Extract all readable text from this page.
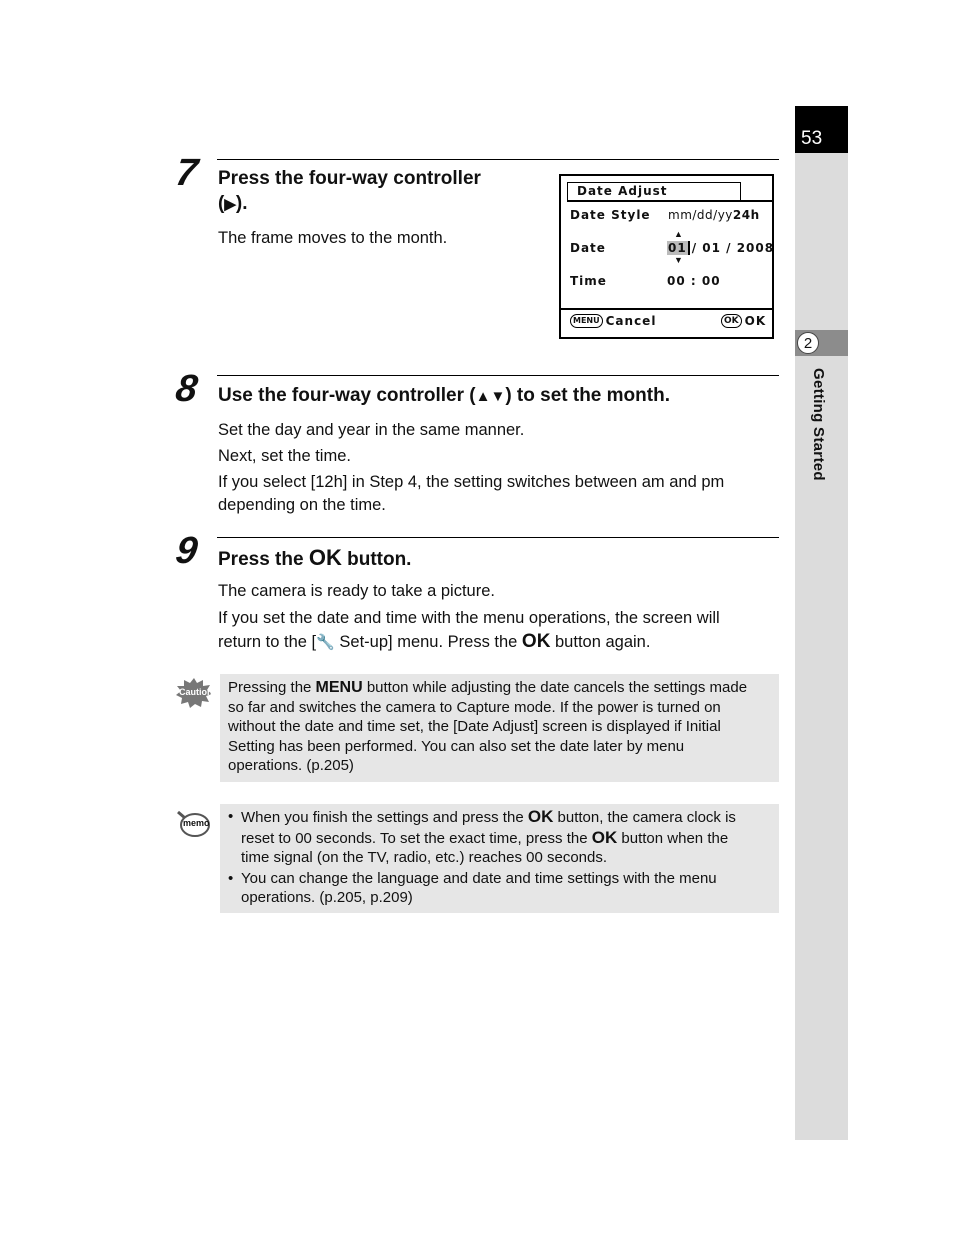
53
2
Getting Started
7 Press the four-way controller
(▶).
The frame moves to the month.
Date Adjust
Date Style mm/dd/yy24h
Date
▲
▼
01 / 01 / 2008
Time	00 : 00
MENU Cancel	OK OK
8 Use the four-way controller (▲▼) to set the month.
Set the day and year in the same manner.
Next, set the time.
If you select [12h] in Step 4, the setting switches between am and pm
depending on the time.
9 Press the OK button.
The camera is ready to take a picture.
If you set the date and time with the menu operations, the screen will
return to the [🔧 Set-up] menu. Press the OK button again.
Caution Pressing the MENU button while adjusting the date cancels the settings made
so far and switches the camera to Capture mode. If the power is turned on
without the date and time set, the [Date Adjust] screen is displayed if Initial
Setting has been performed. You can also set the date later by menu
operations. (p.205)
memo • When you finish the settings and press the OK button, the camera clock is
reset to 00 seconds. To set the exact time, press the OK button when the
time signal (on the TV, radio, etc.) reaches 00 seconds.
• You can change the language and date and time settings with the menu
operations. (p.205, p.209)
